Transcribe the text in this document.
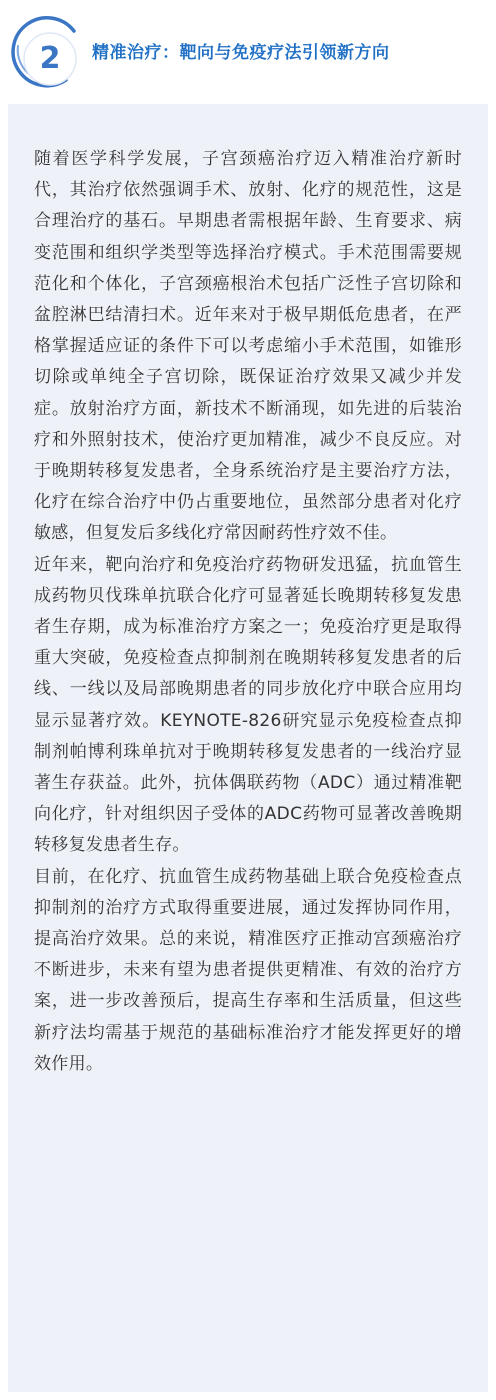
2	精准治疗：靶向与免疫疗法引领新方向

随着医学科学发展，子宫颈癌治疗迈入精准治疗新时代，其治疗依然强调手术、放射、化疗的规范性，这是合理治疗的基石。早期患者需根据年龄、生育要求、病变范围和组织学类型等选择治疗模式。手术范围需要规范化和个体化，子宫颈癌根治术包括广泛性子宫切除和盆腔淋巴结清扫术。近年来对于极早期低危患者，在严格掌握适应证的条件下可以考虑缩小手术范围，如锥形切除或单纯全子宫切除，既保证治疗效果又减少并发症。放射治疗方面，新技术不断涌现，如先进的后装治疗和外照射技术，使治疗更加精准，减少不良反应。对于晚期转移复发患者，全身系统治疗是主要治疗方法，化疗在综合治疗中仍占重要地位，虽然部分患者对化疗敏感，但复发后多线化疗常因耐药性疗效不佳。

近年来，靶向治疗和免疫治疗药物研发迅猛，抗血管生成药物贝伐珠单抗联合化疗可显著延长晚期转移复发患者生存期，成为标准治疗方案之一；免疫治疗更是取得重大突破，免疫检查点抑制剂在晚期转移复发患者的后线、一线以及局部晚期患者的同步放化疗中联合应用均显示显著疗效。KEYNOTE-826研究显示免疫检查点抑制剂帕博利珠单抗对于晚期转移复发患者的一线治疗显著生存获益。此外，抗体偶联药物（ADC）通过精准靶向化疗，针对组织因子受体的ADC药物可显著改善晚期转移复发患者生存。

目前，在化疗、抗血管生成药物基础上联合免疫检查点抑制剂的治疗方式取得重要进展，通过发挥协同作用，提高治疗效果。总的来说，精准医疗正推动宫颈癌治疗不断进步，未来有望为患者提供更精准、有效的治疗方案，进一步改善预后，提高生存率和生活质量，但这些新疗法均需基于规范的基础标准治疗才能发挥更好的增效作用。
